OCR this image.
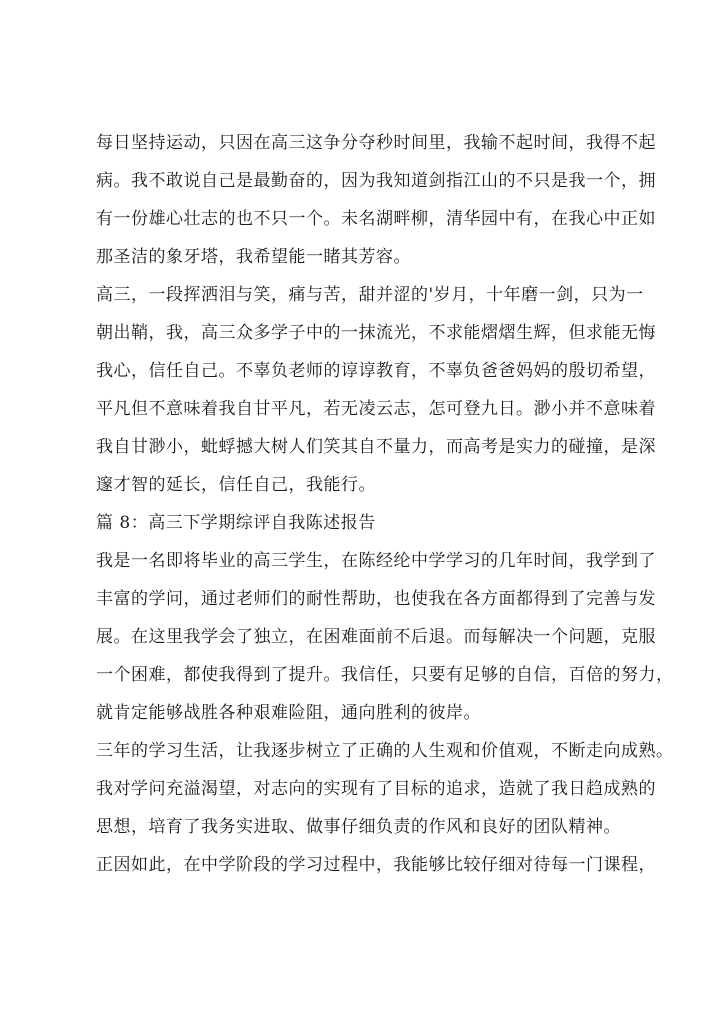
每日坚持运动，只因在高三这争分夺秒时间里，我输不起时间，我得不起
病。我不敢说自己是最勤奋的，因为我知道剑指江山的不只是我一个，拥
有一份雄心壮志的也不只一个。未名湖畔柳，清华园中有，在我心中正如
那圣洁的象牙塔，我希望能一睹其芳容。
高三，一段挥洒泪与笑，痛与苦，甜并涩的'岁月，十年磨一剑，只为一
朝出鞘，我，高三众多学子中的一抹流光，不求能熠熠生辉，但求能无悔
我心，信任自己。不辜负老师的谆谆教育，不辜负爸爸妈妈的殷切希望，
平凡但不意味着我自甘平凡，若无凌云志，怎可登九日。渺小并不意味着
我自甘渺小，蚍蜉撼大树人们笑其自不量力，而高考是实力的碰撞，是深
邃才智的延长，信任自己，我能行。
篇 8：高三下学期综评自我陈述报告
我是一名即将毕业的高三学生，在陈经纶中学学习的几年时间，我学到了
丰富的学问，通过老师们的耐性帮助，也使我在各方面都得到了完善与发
展。在这里我学会了独立，在困难面前不后退。而每解决一个问题，克服
一个困难，都使我得到了提升。我信任，只要有足够的自信，百倍的努力，
就肯定能够战胜各种艰难险阻，通向胜利的彼岸。
三年的学习生活，让我逐步树立了正确的人生观和价值观，不断走向成熟。
我对学问充溢渴望，对志向的实现有了目标的追求，造就了我日趋成熟的
思想，培育了我务实进取、做事仔细负责的作风和良好的团队精神。
正因如此，在中学阶段的学习过程中，我能够比较仔细对待每一门课程，
